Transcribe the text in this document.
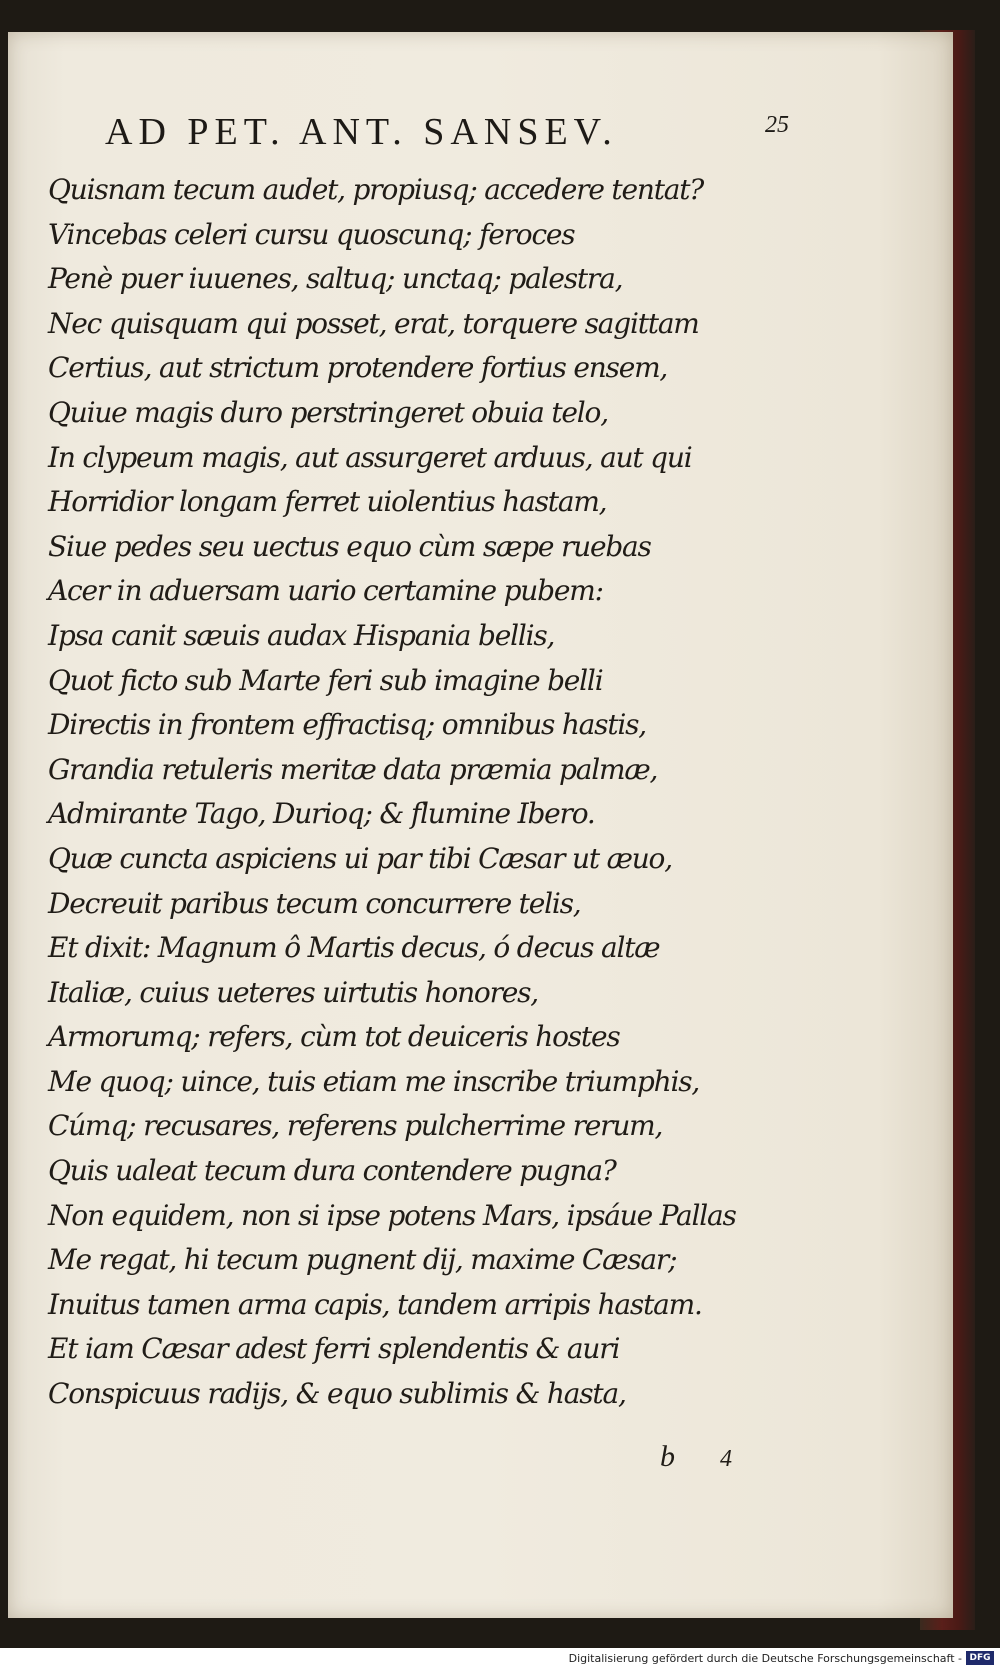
AD PET. ANT. SANSEV.	25
Quisnam tecum audet, propiusq; accedere tentat?
Vincebas celeri cursu quoscunq; feroces
Penè puer iuuenes, saltuq; unctaq; palestra,
Nec quisquam qui posset, erat, torquere sagittam
Certius, aut strictum protendere fortius ensem,
Quiue magis duro perstringeret obuia telo,
In clypeum magis, aut assurgeret arduus, aut qui
Horridior longam ferret uiolentius hastam,
Siue pedes seu uectus equo cùm sæpe ruebas
Acer in aduersam uario certamine pubem:
Ipsa canit sæuis audax Hispania bellis,
Quot ficto sub Marte feri sub imagine belli
Directis in frontem effractisq; omnibus hastis,
Grandia retuleris meritæ data præmia palmæ,
Admirante Tago, Durioq; & flumine Ibero.
Quæ cuncta aspiciens ui par tibi Cæsar ut æuo,
Decreuit paribus tecum concurrere telis,
Et dixit: Magnum ô Martis decus, ó decus altæ
Italiæ, cuius ueteres uirtutis honores,
Armorumq; refers, cùm tot deuiceris hostes
Me quoq; uince, tuis etiam me inscribe triumphis,
Cúmq; recusares, referens pulcherrime rerum,
Quis ualeat tecum dura contendere pugna?
Non equidem, non si ipse potens Mars, ipsáue Pallas
Me regat, hi tecum pugnent dij, maxime Cæsar;
Inuitus tamen arma capis, tandem arripis hastam.
Et iam Cæsar adest ferri splendentis & auri
Conspicuus radijs, & equo sublimis & hasta,
b 4
Digitalisierung gefördert durch die Deutsche Forschungsgemeinschaft - DFG
